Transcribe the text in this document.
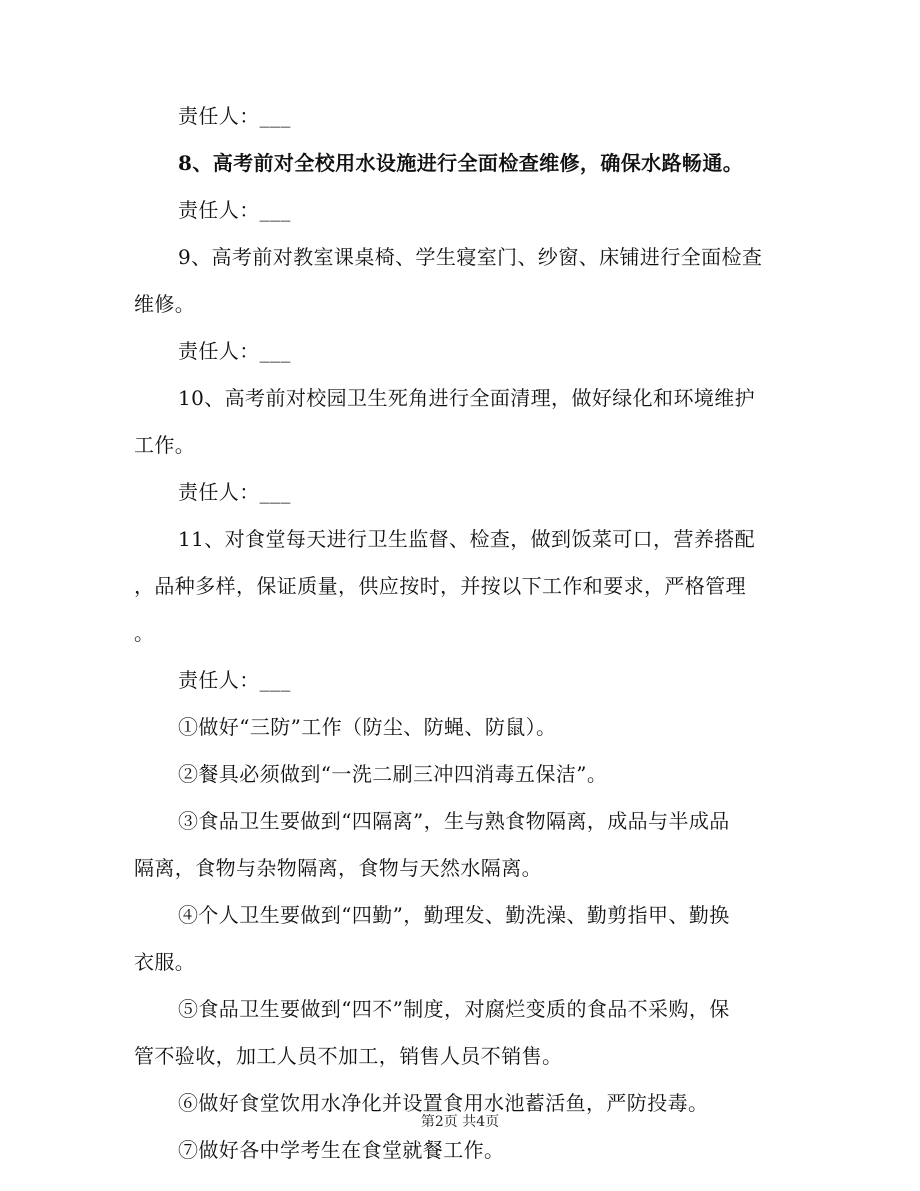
责任人：___
8、高考前对全校用水设施进行全面检查维修，确保水路畅通。
责任人：___
9、高考前对教室课桌椅、学生寝室门、纱窗、床铺进行全面检查
维修。
责任人：___
10、高考前对校园卫生死角进行全面清理，做好绿化和环境维护
工作。
责任人：___
11、对食堂每天进行卫生监督、检查，做到饭菜可口，营养搭配
，品种多样，保证质量，供应按时，并按以下工作和要求，严格管理
。
责任人：___
①做好“三防”工作（防尘、防蝇、防鼠）。
②餐具必须做到“一洗二刷三冲四消毒五保洁”。
③食品卫生要做到“四隔离”，生与熟食物隔离，成品与半成品
隔离，食物与杂物隔离，食物与天然水隔离。
④个人卫生要做到“四勤”，勤理发、勤洗澡、勤剪指甲、勤换
衣服。
⑤食品卫生要做到“四不”制度，对腐烂变质的食品不采购，保
管不验收，加工人员不加工，销售人员不销售。
⑥做好食堂饮用水净化并设置食用水池蓄活鱼，严防投毒。
⑦做好各中学考生在食堂就餐工作。
第2页 共4页
